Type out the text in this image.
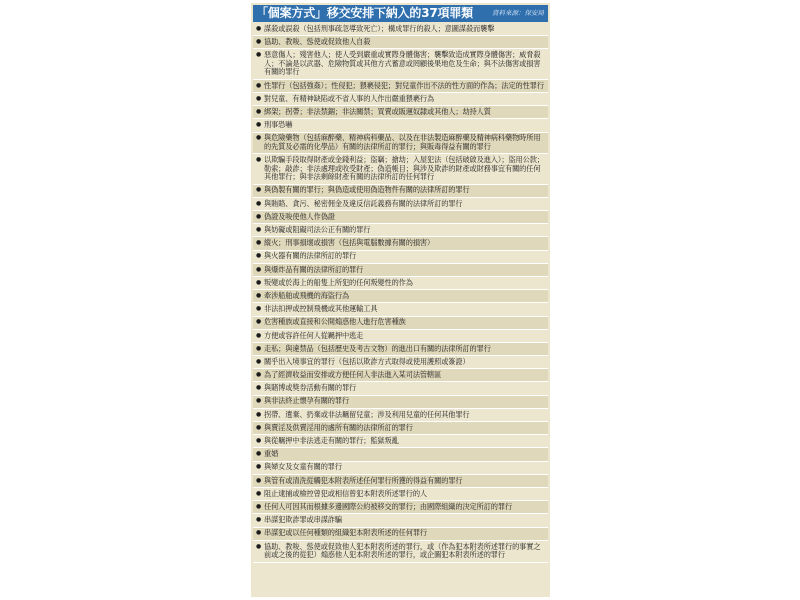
「個案方式」移交安排下納入的37項罪類	資料來源：保安局
● 謀殺或誤殺（包括刑事疏忽導致死亡）；構成罪行的殺人；意圖謀殺而襲擊
● 協助、教唆、慫使或促致他人自殺
● 惡意傷人；殘害他人；使人受到嚴重或實際身體傷害；襲擊致造成實際身體傷害；威脅殺人；不論是以武器、危險物質或其他方式蓄意或罔顧後果地危及生命；與不法傷害或損害有關的罪行
● 性罪行（包括強姦）；性侵犯；猥褻侵犯；對兒童作出不法的性方面的作為；法定的性罪行
● 對兒童、有精神缺陷或不省人事的人作出嚴重猥褻行為
● 綁架；拐帶；非法禁錮；非法關禁；買賣或販運奴隸或其他人；劫持人質
● 刑事恐嚇
● 與危險藥物（包括麻醉藥、精神病科藥品、以及在非法製造麻醉藥及精神病科藥物時所用的先質及必需的化學品）有關的法律所訂的罪行；與販毒得益有關的罪行
● 以欺騙手段取得財產或金錢利益；盜竊；搶劫；入屋犯法（包括破啟及進入）；盜用公款；勒索；敲詐；非法處理或收受財產；偽造帳目；與涉及欺詐的財產或財務事宜有關的任何其他罪行；與非法剩餘財產有關的法律所訂的任何罪行
● 與偽製有關的罪行；與偽造或使用偽造物件有關的法律所訂的罪行
● 與賄賂、貪污、秘密佣金及違反信託義務有關的法律所訂的罪行
● 偽證及唆使他人作偽證
● 與妨礙或阻礙司法公正有關的罪行
● 縱火；刑事損壞或損害（包括與電腦數據有關的損害）
● 與火器有關的法律所訂的罪行
● 與爆炸品有關的法律所訂的罪行
● 叛變或於海上的船隻上所犯的任何叛變性的作為
● 牽涉船舶或飛機的海盜行為
● 非法扣押或控制飛機或其他運輸工具
● 危害種族或直接和公開煽惑他人進行危害種族
● 方便或容許任何人從羈押中逃走
● 走私；與違禁品（包括歷史及考古文物）的進出口有關的法律所訂的罪行
● 關乎出入境事宜的罪行（包括以欺詐方式取得或使用護照或簽證）
● 為了經濟收益而安排或方便任何人非法進入某司法管轄區
● 與賭博或獎券活動有關的罪行
● 與非法終止懷孕有關的罪行
● 拐帶、遺棄、扔棄或非法羈留兒童；涉及利用兒童的任何其他罪行
● 與賣淫及供賣淫用的處所有關的法律所訂的罪行
● 與從羈押中非法逃走有關的罪行；監獄叛亂
● 重婚
● 與婦女及女童有關的罪行
● 與管有或清洗從觸犯本附表所述任何罪行所獲的得益有關的罪行
● 阻止逮捕或檢控曾犯或相信曾犯本附表所述罪行的人
● 任何人可因其而根據多邊國際公約被移交的罪行；由國際組織的決定所訂的罪行
● 串謀犯欺詐罪或串謀詐騙
● 串謀犯或以任何種類的組織犯本附表所述的任何罪行
● 協助、教唆、慫使或促致他人犯本附表所述的罪行，或（作為犯本附表所述罪行的事實之前或之後的從犯）煽惑他人犯本附表所述的罪行，或企圖犯本附表所述的罪行
